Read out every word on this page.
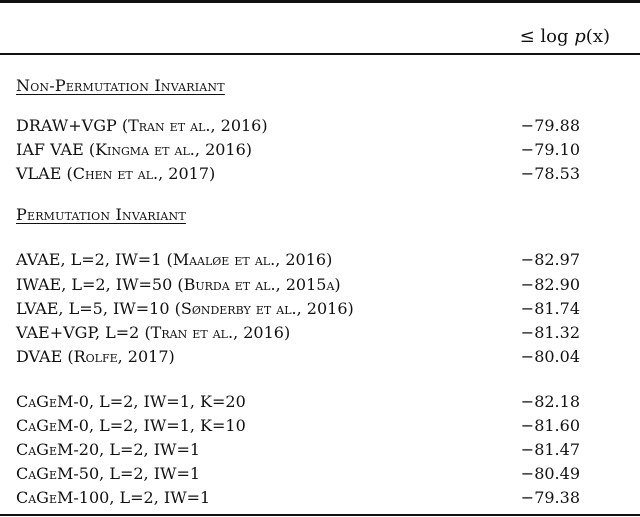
≤ log p(x)
Non-Permutation Invariant
DRAW+VGP (Tran et al., 2016)	−79.88
IAF VAE (Kingma et al., 2016)	−79.10
VLAE (Chen et al., 2017)	−78.53
Permutation Invariant
AVAE, L=2, IW=1 (Maaløe et al., 2016)	−82.97
IWAE, L=2, IW=50 (Burda et al., 2015a)	−82.90
LVAE, L=5, IW=10 (Sønderby et al., 2016)	−81.74
VAE+VGP, L=2 (Tran et al., 2016)	−81.32
DVAE (Rolfe, 2017)	−80.04
CaGeM-0, L=2, IW=1, K=20	−82.18
CaGeM-0, L=2, IW=1, K=10	−81.60
CaGeM-20, L=2, IW=1	−81.47
CaGeM-50, L=2, IW=1	−80.49
CaGeM-100, L=2, IW=1	−79.38
